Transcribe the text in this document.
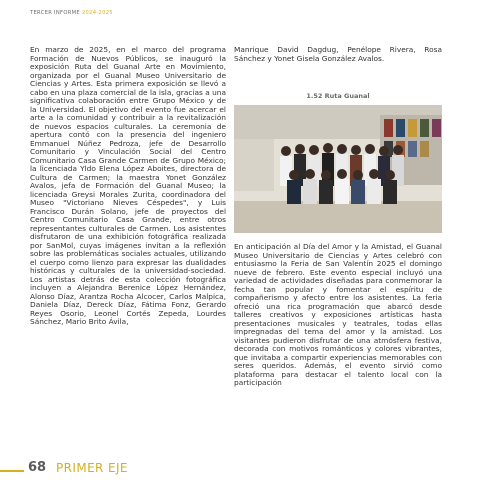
TERCER INFORME 2024-2025

En marzo de 2025, en el marco del programa Formación de Nuevos Públicos, se inauguró la exposición Ruta del Guanal Arte en Movimiento, organizada por el Guanal Museo Universitario de Ciencias y Artes. Esta primera exposición se llevó a cabo en una plaza comercial de la isla, gracias a una significativa colaboración entre Grupo México y de la Universidad. El objetivo del evento fue acercar el arte a la comunidad y contribuir a la revitalización de nuevos espacios culturales. La ceremonia de apertura contó con la presencia del ingeniero Emmanuel Núñez Pedroza, jefe de Desarrollo Comunitario y Vinculación Social del Centro Comunitario Casa Grande Carmen de Grupo México; la licenciada Yldo Elena López Aboites, directora de Cultura de Carmen; la maestra Yonet González Avalos, jefa de Formación del Guanal Museo; la licenciada Greysi Morales Zurita, coordinadora del Museo "Victoriano Nieves Céspedes", y Luis Francisco Durán Solano, jefe de proyectos del Centro Comunitario Casa Grande, entre otros representantes culturales de Carmen. Los asistentes disfrutaron de una exhibición fotográfica realizada por SanMol, cuyas imágenes invitan a la reflexión sobre las problemáticas sociales actuales, utilizando el cuerpo como lienzo para expresar las dualidades históricas y culturales de la universidad-sociedad. Los artistas detrás de esta colección fotográfica incluyen a Alejandra Berenice López Hernández, Alonso Díaz, Arantza Rocha Alcocer, Carlos Malpica, Daniela Díaz, Dereck Díaz, Fátima Fonz, Gerardo Reyes Osorio, Leonel Cortés Zepeda, Lourdes Sánchez, Mario Brito Ávila,

Manrique David Dagdug, Penélope Rivera, Rosa Sánchez y Yonet Gisela González Avalos.

1.52 Ruta Guanal

En anticipación al Día del Amor y la Amistad, el Guanal Museo Universitario de Ciencias y Artes celebró con entusiasmo la Feria de San Valentín 2025 el domingo nueve de febrero. Este evento especial incluyó una variedad de actividades diseñadas para conmemorar la fecha tan popular y fomentar el espíritu de compañerismo y afecto entre los asistentes. La feria ofreció una rica programación que abarcó desde talleres creativos y exposiciones artísticas hasta presentaciones musicales y teatrales, todas ellas impregnadas del tema del amor y la amistad. Los visitantes pudieron disfrutar de una atmósfera festiva, decorada con motivos románticos y colores vibrantes, que invitaba a compartir experiencias memorables con seres queridos. Además, el evento sirvió como plataforma para destacar el talento local con la participación

68 PRIMER EJE
